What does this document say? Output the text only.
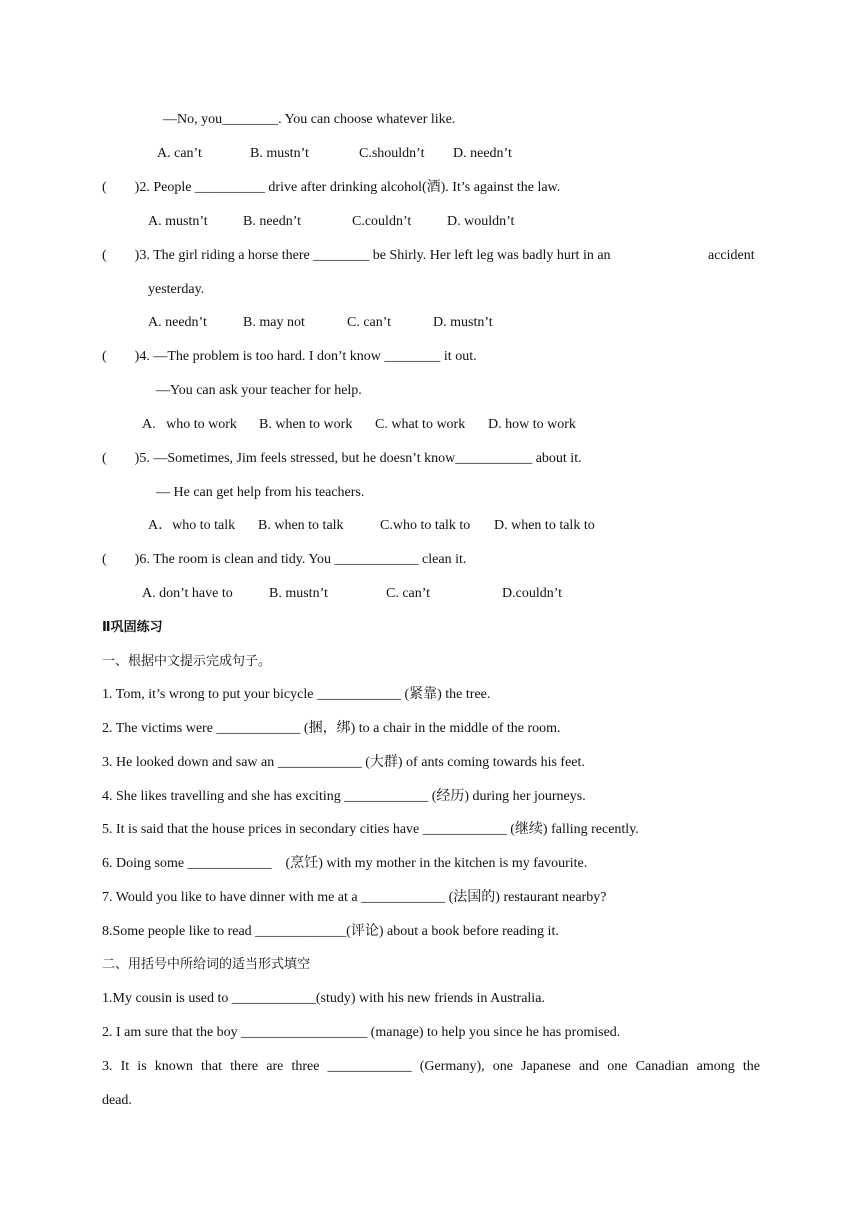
—No, you________. You can choose whatever like.
A. can’t	B. mustn’t	C.shouldn’t D. needn’t
(        )2. People __________ drive after drinking alcohol(酒). It’s against the law.
A. mustn’t	B. needn’t	C.couldn’t	D. wouldn’t
(        )3. The girl riding a horse there ________ be Shirly. Her left leg was badly hurt in an	accident
yesterday.
A. needn’t	B. may not	C. can’t	D. mustn’t
(        )4. —The problem is too hard. I don’t know ________ it out.
—You can ask your teacher for help.
A.   who to work B. when to work C. what to work D. how to work
(        )5. —Sometimes, Jim feels stressed, but he doesn’t know___________ about it.
— He can get help from his teachers.
A．who to talk B. when to talk	C.who to talk to D. when to talk to
(        )6. The room is clean and tidy. You ____________ clean it.
A. don’t have to	B. mustn’t	C. can’t	D.couldn’t
Ⅱ巩固练习
一、根据中文提示完成句子。
1. Tom, it’s wrong to put your bicycle ____________ (紧靠) the tree.
2. The victims were ____________ (捆，绑) to a chair in the middle of the room.
3. He looked down and saw an ____________ (大群) of ants coming towards his feet.
4. She likes travelling and she has exciting ____________ (经历) during her journeys.
5. It is said that the house prices in secondary cities have ____________ (继续) falling recently.
6. Doing some ____________    (烹饪) with my mother in the kitchen is my favourite.
7. Would you like to have dinner with me at a ____________ (法国的) restaurant nearby?
8.Some people like to read _____________(评论) about a book before reading it.
二、用括号中所给词的适当形式填空
1.My cousin is used to ____________(study) with his new friends in Australia.
2. I am sure that the boy __________________ (manage) to help you since he has promised.
3. It is known that there are three ____________ (Germany), one Japanese and one Canadian among the
dead.
